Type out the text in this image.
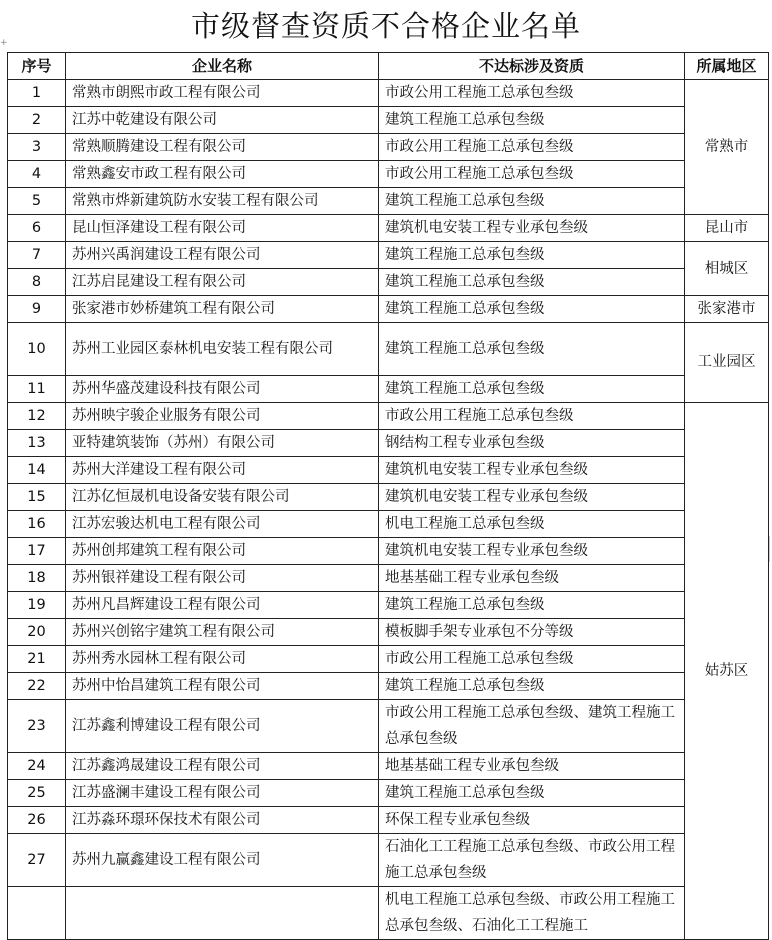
市级督查资质不合格企业名单
+
序号	企业名称	不达标涉及资质	所属地区	
1	常熟市朗熙市政工程有限公司	市政公用工程施工总承包叁级	常熟市	
2	江苏中乾建设有限公司	建筑工程施工总承包叁级		
3	常熟顺腾建设工程有限公司	市政公用工程施工总承包叁级		
4	常熟鑫安市政工程有限公司	市政公用工程施工总承包叁级		
5	常熟市烨新建筑防水安装工程有限公司	建筑工程施工总承包叁级		
6	昆山恒泽建设工程有限公司	建筑机电安装工程专业承包叁级	昆山市	
7	苏州兴禹润建设工程有限公司	建筑工程施工总承包叁级	相城区	
8	江苏启昆建设工程有限公司	建筑工程施工总承包叁级		
9	张家港市妙桥建筑工程有限公司	建筑工程施工总承包叁级	张家港市	
10	苏州工业园区泰林机电安装工程有限公司	建筑工程施工总承包叁级	工业园区	
11	苏州华盛茂建设科技有限公司	建筑工程施工总承包叁级		
12	苏州映宇骏企业服务有限公司	市政公用工程施工总承包叁级	姑苏区	
13	亚特建筑装饰（苏州）有限公司	钢结构工程专业承包叁级		
14	苏州大洋建设工程有限公司	建筑机电安装工程专业承包叁级		
15	江苏亿恒晟机电设备安装有限公司	建筑机电安装工程专业承包叁级		
16	江苏宏骏达机电工程有限公司	机电工程施工总承包叁级		
17	苏州创邦建筑工程有限公司	建筑机电安装工程专业承包叁级		
18	苏州银祥建设工程有限公司	地基基础工程专业承包叁级		
19	苏州凡昌辉建设工程有限公司	建筑工程施工总承包叁级		
20	苏州兴创铭宇建筑工程有限公司	模板脚手架专业承包不分等级		
21	苏州秀水园林工程有限公司	市政公用工程施工总承包叁级		
22	苏州中怡昌建筑工程有限公司	建筑工程施工总承包叁级		
23	江苏鑫利博建设工程有限公司	市政公用工程施工总承包叁级、建筑工程施工总承包叁级		
24	江苏鑫鸿晟建设工程有限公司	地基基础工程专业承包叁级		
25	江苏盛澜丰建设工程有限公司	建筑工程施工总承包叁级		
26	江苏淼环璟环保技术有限公司	环保工程专业承包叁级		
27	苏州九赢鑫建设工程有限公司	石油化工工程施工总承包叁级、市政公用工程施工总承包叁级		
		机电工程施工总承包叁级、市政公用工程施工总承包叁级、石油化工工程施工		
